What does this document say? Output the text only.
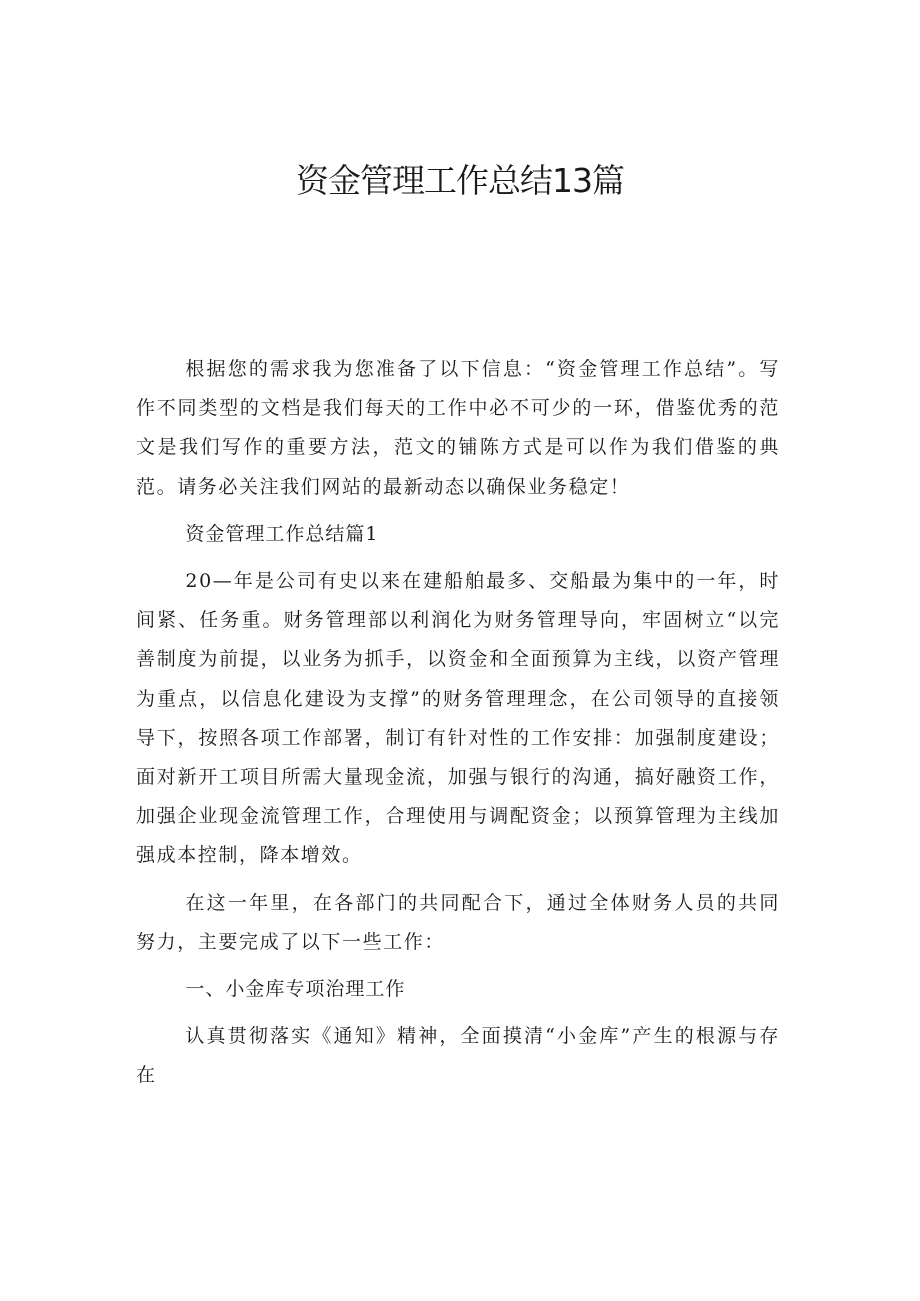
资金管理工作总结13篇

根据您的需求我为您准备了以下信息：“资金管理工作总结”。写作不同类型的文档是我们每天的工作中必不可少的一环，借鉴优秀的范文是我们写作的重要方法，范文的铺陈方式是可以作为我们借鉴的典范。请务必关注我们网站的最新动态以确保业务稳定！

资金管理工作总结篇1

20—年是公司有史以来在建船舶最多、交船最为集中的一年，时间紧、任务重。财务管理部以利润化为财务管理导向，牢固树立“以完善制度为前提，以业务为抓手，以资金和全面预算为主线，以资产管理为重点，以信息化建设为支撑”的财务管理理念，在公司领导的直接领导下，按照各项工作部署，制订有针对性的工作安排：加强制度建设；面对新开工项目所需大量现金流，加强与银行的沟通，搞好融资工作，加强企业现金流管理工作，合理使用与调配资金；以预算管理为主线加强成本控制，降本增效。

在这一年里，在各部门的共同配合下，通过全体财务人员的共同努力，主要完成了以下一些工作：

一、小金库专项治理工作

认真贯彻落实《通知》精神，全面摸清“小金库”产生的根源与存在
